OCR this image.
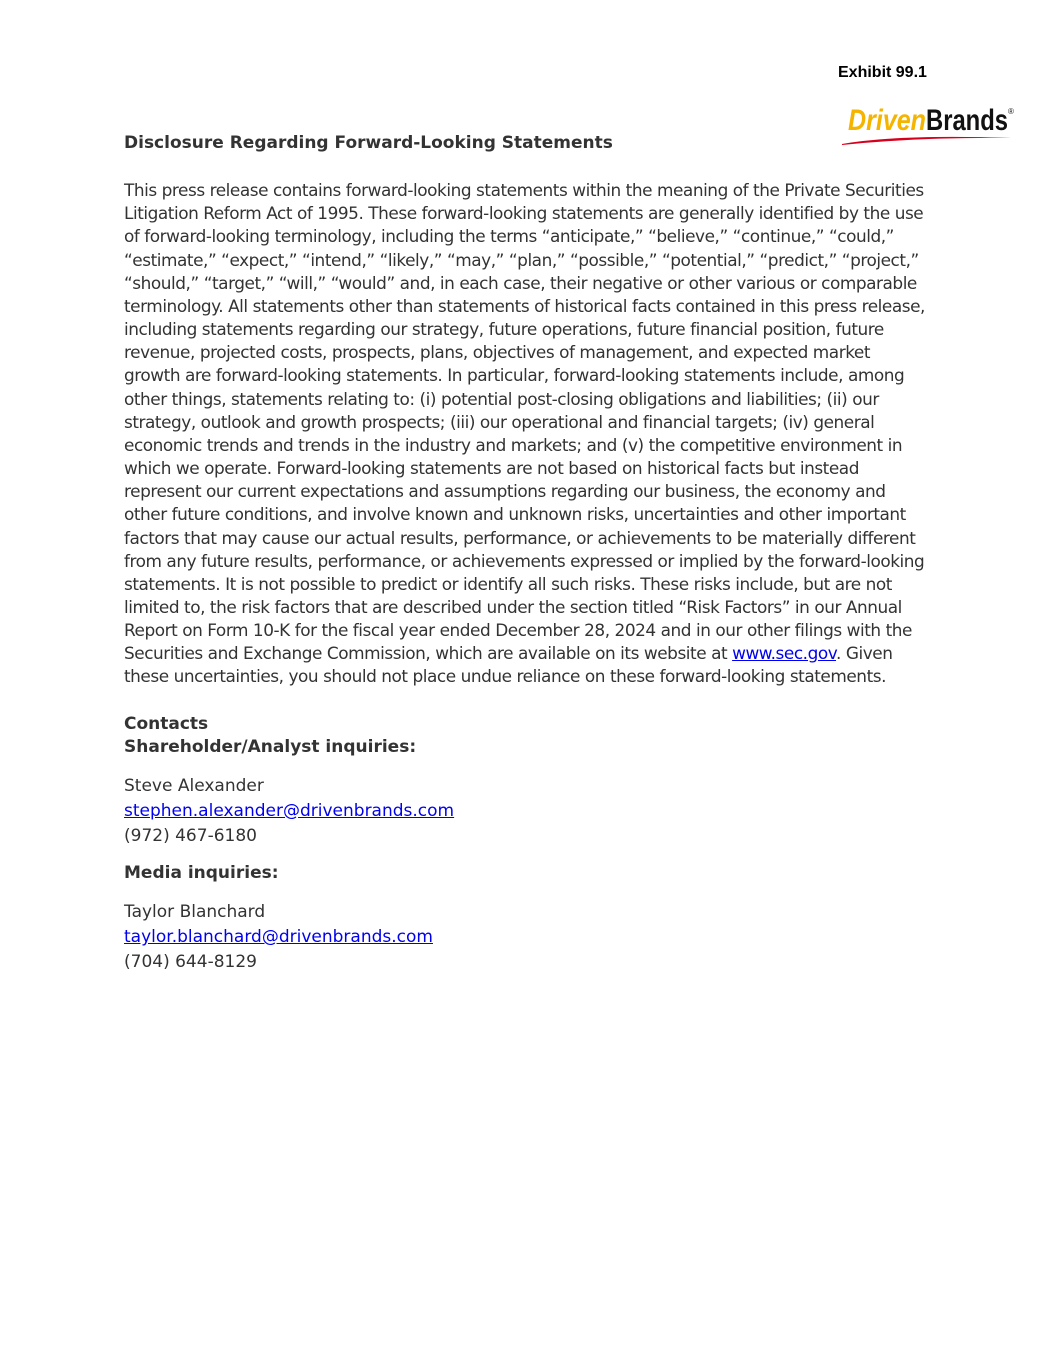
Exhibit 99.1
Driven Brands ®

Disclosure Regarding Forward-Looking Statements

This press release contains forward-looking statements within the meaning of the Private Securities Litigation Reform Act of 1995. These forward-looking statements are generally identified by the use of forward-looking terminology, including the terms “anticipate,” “believe,” “continue,” “could,” “estimate,” “expect,” “intend,” “likely,” “may,” “plan,” “possible,” “potential,” “predict,” “project,” “should,” “target,” “will,” “would” and, in each case, their negative or other various or comparable terminology. All statements other than statements of historical facts contained in this press release, including statements regarding our strategy, future operations, future financial position, future revenue, projected costs, prospects, plans, objectives of management, and expected market growth are forward-looking statements. In particular, forward-looking statements include, among other things, statements relating to: (i) potential post-closing obligations and liabilities; (ii) our strategy, outlook and growth prospects; (iii) our operational and financial targets; (iv) general economic trends and trends in the industry and markets; and (v) the competitive environment in which we operate. Forward-looking statements are not based on historical facts but instead represent our current expectations and assumptions regarding our business, the economy and other future conditions, and involve known and unknown risks, uncertainties and other important factors that may cause our actual results, performance, or achievements to be materially different from any future results, performance, or achievements expressed or implied by the forward-looking statements. It is not possible to predict or identify all such risks. These risks include, but are not limited to, the risk factors that are described under the section titled “Risk Factors” in our Annual Report on Form 10-K for the fiscal year ended December 28, 2024 and in our other filings with the Securities and Exchange Commission, which are available on its website at www.sec.gov. Given these uncertainties, you should not place undue reliance on these forward-looking statements.

Contacts
Shareholder/Analyst inquiries:
Steve Alexander
stephen.alexander@drivenbrands.com
(972) 467-6180
Media inquiries:
Taylor Blanchard
taylor.blanchard@drivenbrands.com
(704) 644-8129
